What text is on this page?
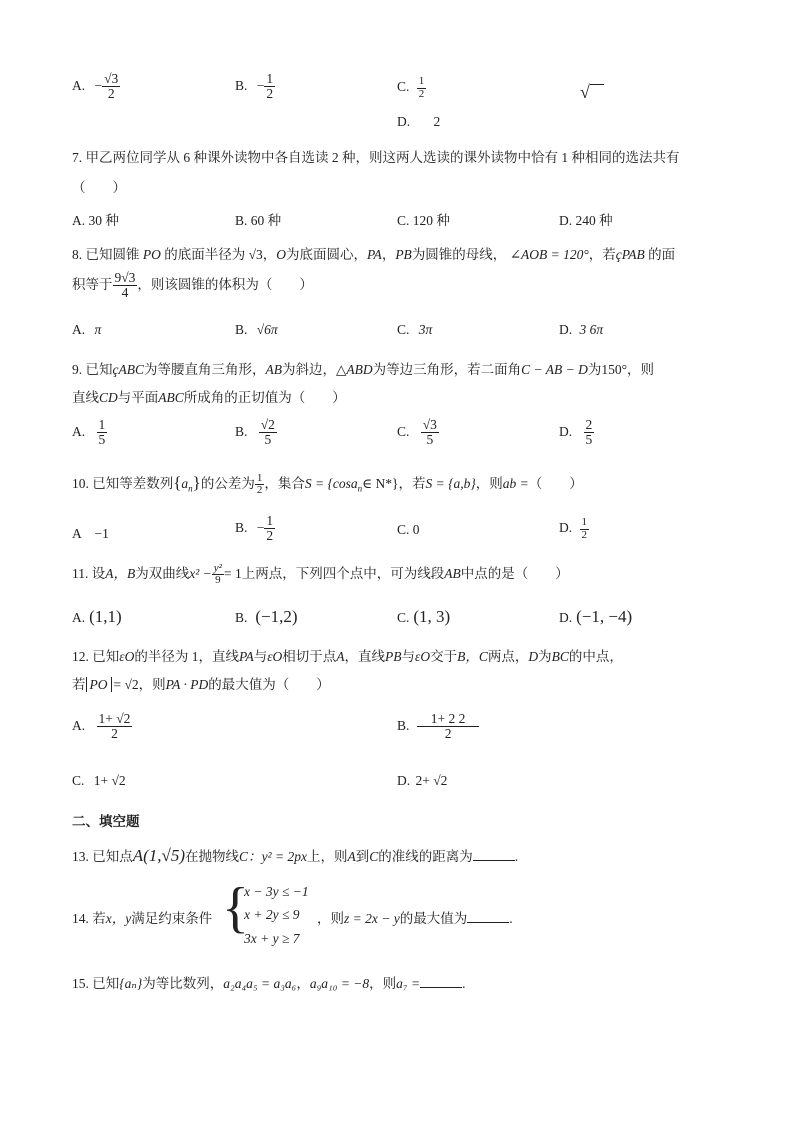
A. − $\frac{√3}{2}$	B. − $\frac{1}{2}$	C. $\frac{1}{2}$	√
D. 2
7. 甲乙两位同学从 6 种课外读物中各自选读 2 种，则这两人选读的课外读物中恰有 1 种相同的选法共有
（　　）
A. 30 种	B. 60 种	C. 120 种	D. 240 种
8. 已知圆锥 PO 的底面半径为 √3，O为底面圆心，PA，PB为圆锥的母线， ∠AOB = 120°，若çPAB 的面
积等于 $\frac{9√3}{4}$ ，则该圆锥的体积为（　　）
A. π	B. √6π	C. 3π	D. 3 6π
9. 已知çABC为等腰直角三角形，AB为斜边，△ABD为等边三角形，若二面角C − AB − D为150°，则
直线CD与平面ABC所成角的正切值为（　　）
A. $\frac{1}{5}$	B. $\frac{√2}{5}$	C. $\frac{√3}{5}$	D. $\frac{2}{5}$
10. 已知等差数列$\{a_n\}$的公差为 $\frac{1}{2}$ ，集合S = {cosa$_n$∈ N*}，若S = {a,b}，则ab =（　　）
A　−1	B. − $\frac{1}{2}$	C. 0	D. $\frac{1}{2}$
11. 设A，B为双曲线$x^2 - \frac{\text{y²}}{9} = 1$上两点，下列四个点中，可为线段AB中点的是（　　）
A. (1,1)	B. (−1,2)	C. (1, 3)	D. (−1, −4)
12. 已知εO的半径为 1，直线PA与εO相切于点A，直线PB与εO交于B，C两点，D为BC的中点，
若 PO = √2，则PA · PD的最大值为（　　）
A. $\frac{1+ √2}{2}$	B. $\frac{1+ 2 2}{2}$
C. 1+ √2	D. 2+ √2
二、填空题
13. 已知点A(1,√5)在抛物线C：y² = 2px上，则A到C的准线的距离为	.
14. 若x，y满足约束条件 {
x − 3y ≤ −1
x + 2y ≤ 9
3x + y ≥ 7
，则z = 2x − y的最大值为	.
15. 已知{aₙ}为等比数列，a₂a₄a₅ = a₃a₆，a₉a₁₀ = −8，则a₇ =	.
